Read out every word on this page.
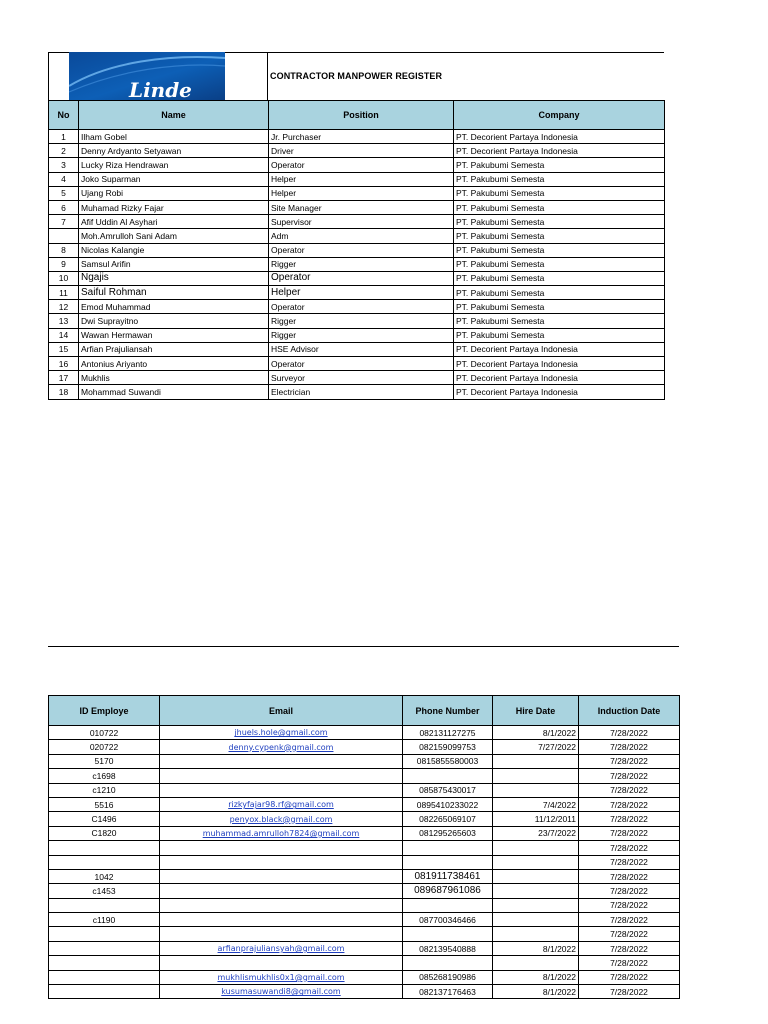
Linde
CONTRACTOR MANPOWER REGISTER
No	Name	Position	Company
1	Ilham Gobel	Jr. Purchaser	PT. Decorient Partaya Indonesia
2	Denny Ardyanto Setyawan	Driver	PT. Decorient Partaya Indonesia
3	Lucky Riza Hendrawan	Operator	PT. Pakubumi Semesta
4	Joko Suparman	Helper	PT. Pakubumi Semesta
5	Ujang Robi	Helper	PT. Pakubumi Semesta
6	Muhamad Rizky Fajar	Site Manager	PT. Pakubumi Semesta
7	Afif Uddin Al Asyhari	Supervisor	PT. Pakubumi Semesta
	Moh.Amrulloh Sani Adam	Adm	PT. Pakubumi Semesta
8	Nicolas Kalangie	Operator	PT. Pakubumi Semesta
9	Samsul Arifin	Rigger	PT. Pakubumi Semesta
10	Ngajis	Operator	PT. Pakubumi Semesta
11	Saiful Rohman	Helper	PT. Pakubumi Semesta
12	Emod Muhammad	Operator	PT. Pakubumi Semesta
13	Dwi Suprayitno	Rigger	PT. Pakubumi Semesta
14	Wawan Hermawan	Rigger	PT. Pakubumi Semesta
15	Arfian Prajuliansah	HSE Advisor	PT. Decorient Partaya Indonesia
16	Antonius Ariyanto	Operator	PT. Decorient Partaya Indonesia
17	Mukhlis	Surveyor	PT. Decorient Partaya Indonesia
18	Mohammad Suwandi	Electrician	PT. Decorient Partaya Indonesia
ID Employe	Email	Phone Number	Hire Date	Induction Date
010722	jhuels.hole@gmail.com	082131127275	8/1/2022	7/28/2022
020722	denny.cypenk@gmail.com	082159099753	7/27/2022	7/28/2022
5170		0815855580003		7/28/2022
c1698				7/28/2022
c1210		085875430017		7/28/2022
5516	rizkyfajar98.rf@gmail.com	0895410233022	7/4/2022	7/28/2022
C1496	penyox.black@gmail.com	082265069107	11/12/2011	7/28/2022
C1820	muhammad.amrulloh7824@gmail.com	081295265603	23/7/2022	7/28/2022
				7/28/2022
				7/28/2022
1042		081911738461		7/28/2022
c1453		089687961086		7/28/2022
				7/28/2022
c1190		087700346466		7/28/2022
				7/28/2022
	arfianprajuliansyah@gmail.com	082139540888	8/1/2022	7/28/2022
				7/28/2022
	mukhlismukhlis0x1@gmail.com	085268190986	8/1/2022	7/28/2022
	kusumasuwandi8@gmail.com	082137176463	8/1/2022	7/28/2022
